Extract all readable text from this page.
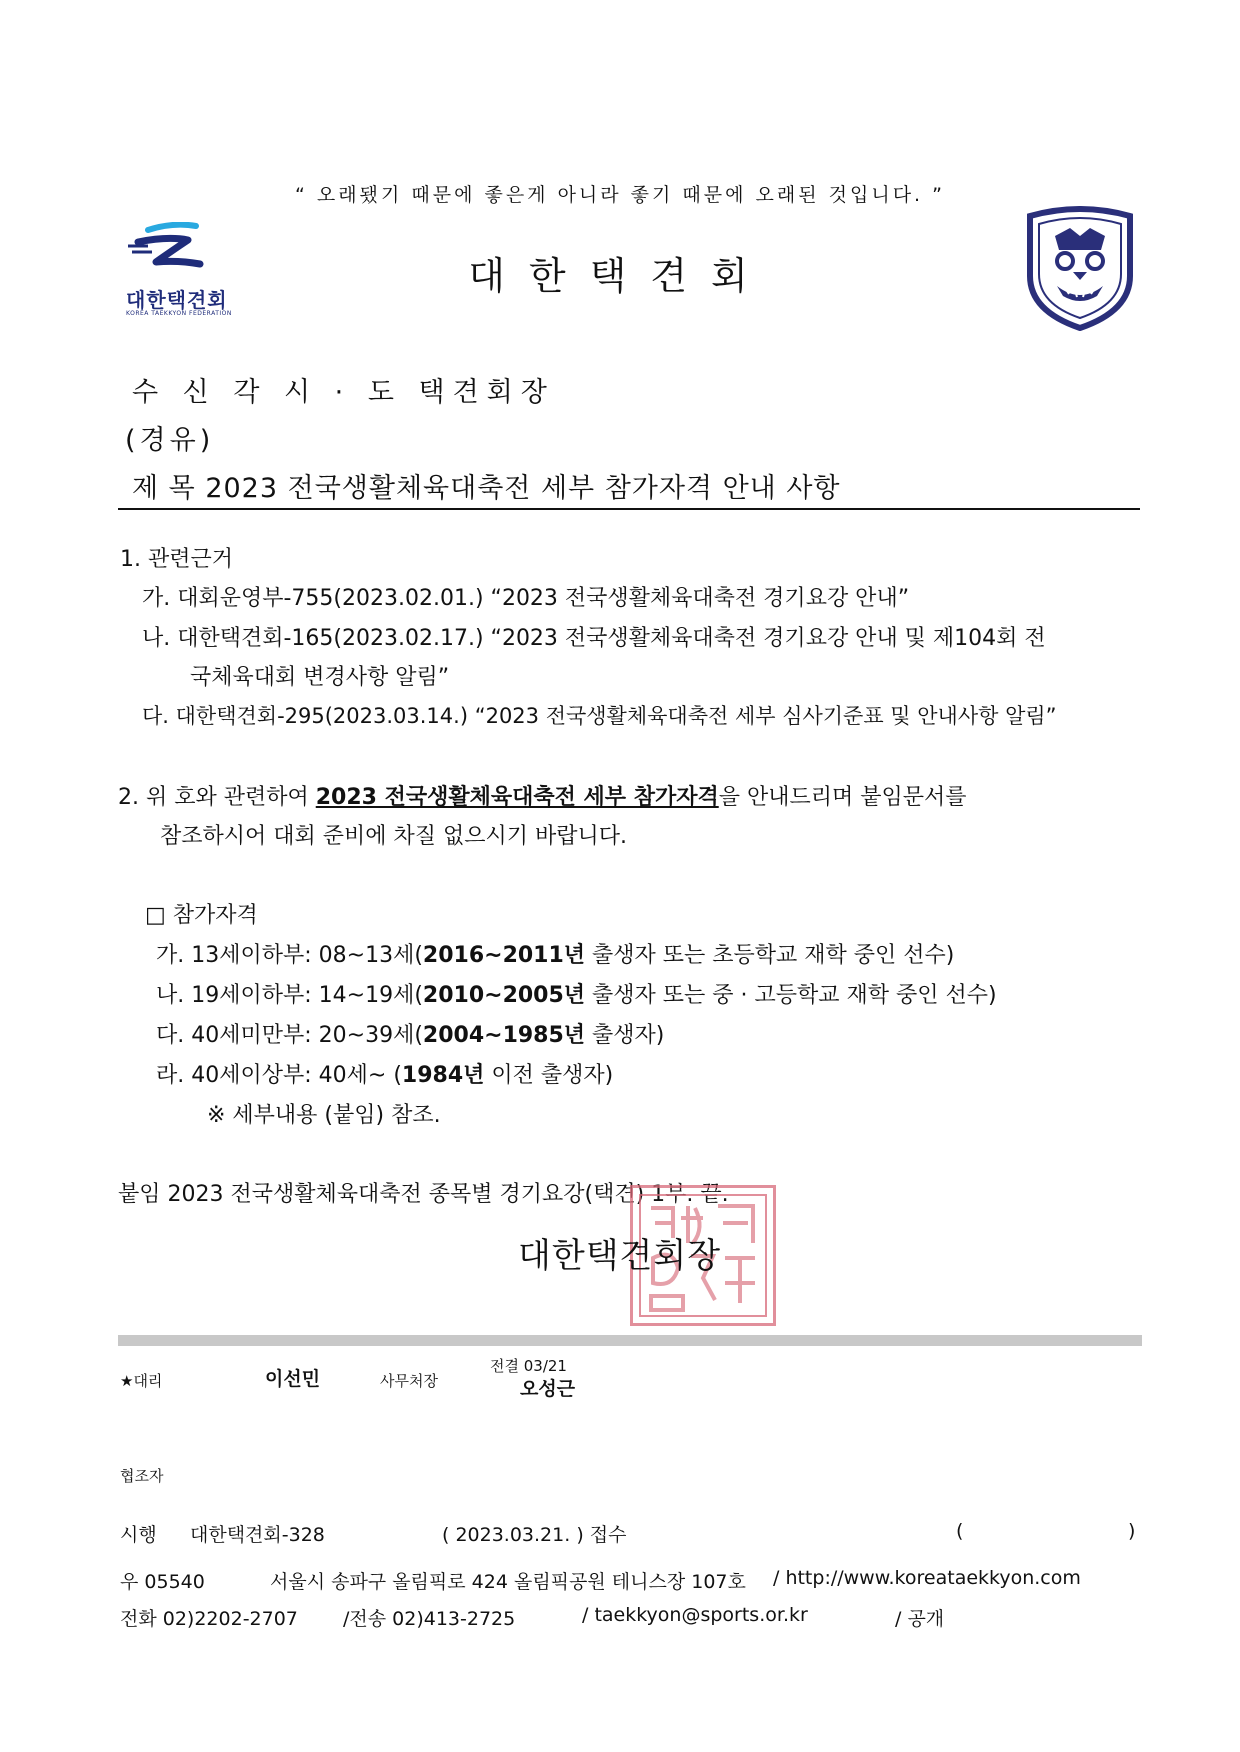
“ 오래됐기 때문에 좋은게 아니라 좋기 때문에 오래된 것입니다. ”
대한택견회
KOREA TAEKKYON FEDERATION
대한택견회
수 신 각 시 · 도 택견회장
(경유)
제 목 2023 전국생활체육대축전 세부 참가자격 안내 사항
1. 관련근거
가. 대회운영부-755(2023.02.01.) “2023 전국생활체육대축전 경기요강 안내”
나. 대한택견회-165(2023.02.17.) “2023 전국생활체육대축전 경기요강 안내 및 제104회 전
국체육대회 변경사항 알림”
다. 대한택견회-295(2023.03.14.) “2023 전국생활체육대축전 세부 심사기준표 및 안내사항 알림”
2. 위 호와 관련하여 2023 전국생활체육대축전 세부 참가자격을 안내드리며 붙임문서를
참조하시어 대회 준비에 차질 없으시기 바랍니다.
□ 참가자격
가. 13세이하부: 08~13세(2016~2011년 출생자 또는 초등학교 재학 중인 선수)
나. 19세이하부: 14~19세(2010~2005년 출생자 또는 중 · 고등학교 재학 중인 선수)
다. 40세미만부: 20~39세(2004~1985년 출생자)
라. 40세이상부: 40세~ (1984년 이전 출생자)
※ 세부내용 (붙임) 참조.
붙임 2023 전국생활체육대축전 종목별 경기요강(택견) 1부. 끝.
대한택견회장
★대리	이선민	사무처장
전결 03/21
오성근
협조자
시행 대한택견회-328	( 2023.03.21. ) 접수	(	)
우 05540	서울시 송파구 올림픽로 424 올림픽공원 테니스장 107호 / http://www.koreataekkyon.com
전화 02)2202-2707 /전송 02)413-2725	/ taekkyon@sports.or.kr	/ 공개
